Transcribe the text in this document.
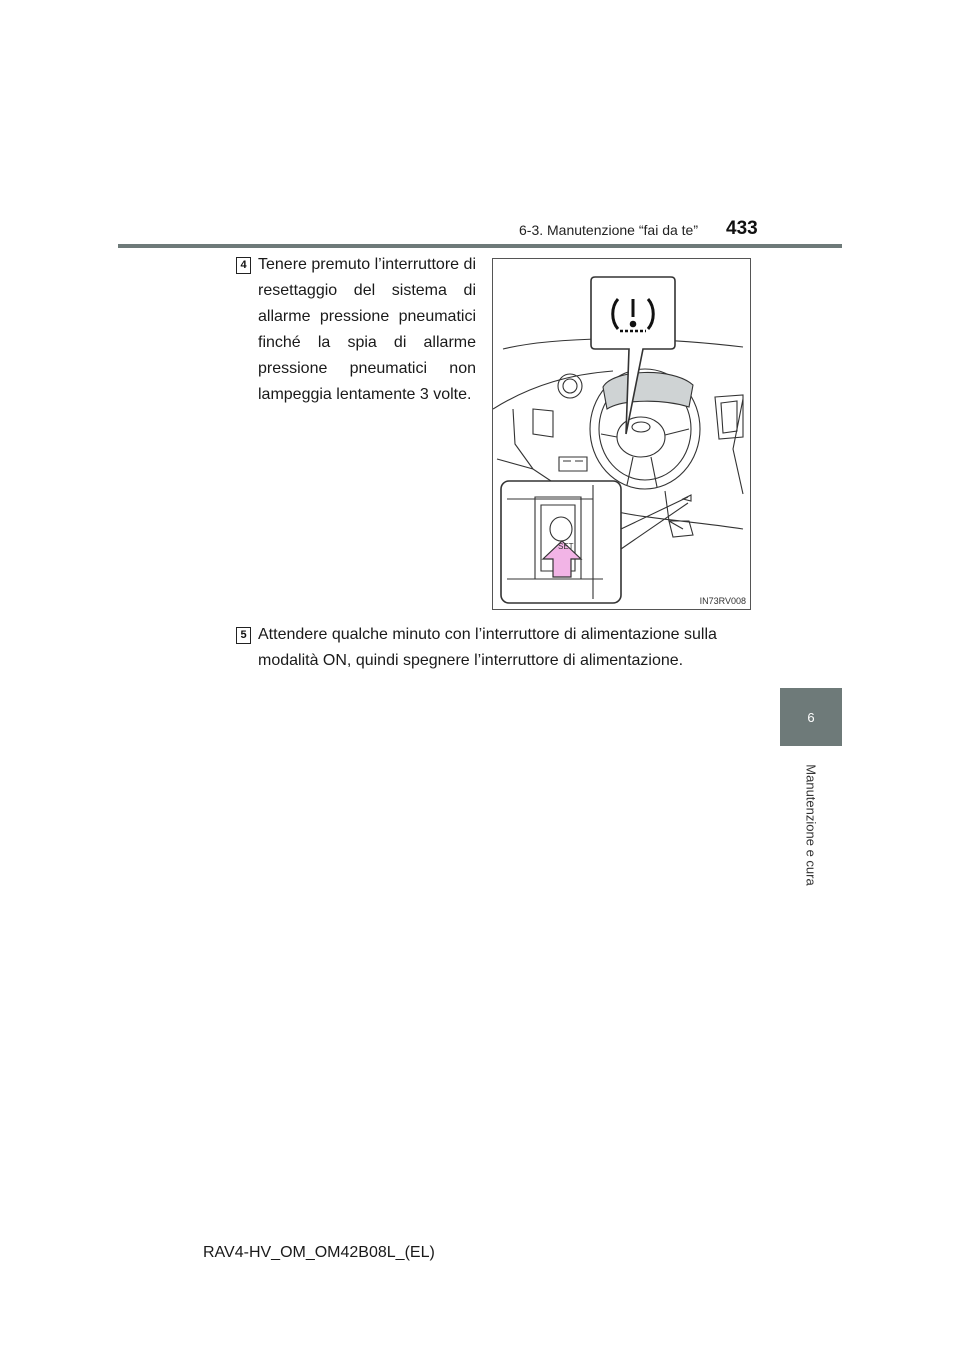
6-3. Manutenzione “fai da te” 433
6
Manutenzione e cura
4 Tenere premuto l’interruttore di resettaggio del sistema di allarme pressione pneumatici finché la spia di allarme pressione pneumatici non lampeggia lentamente 3 volte.
5 Attendere qualche minuto con l’interruttore di alimentazione sulla modalità ON, quindi spegnere l’interruttore di alimentazione.
SET
IN73RV008
RAV4-HV_OM_OM42B08L_(EL)
